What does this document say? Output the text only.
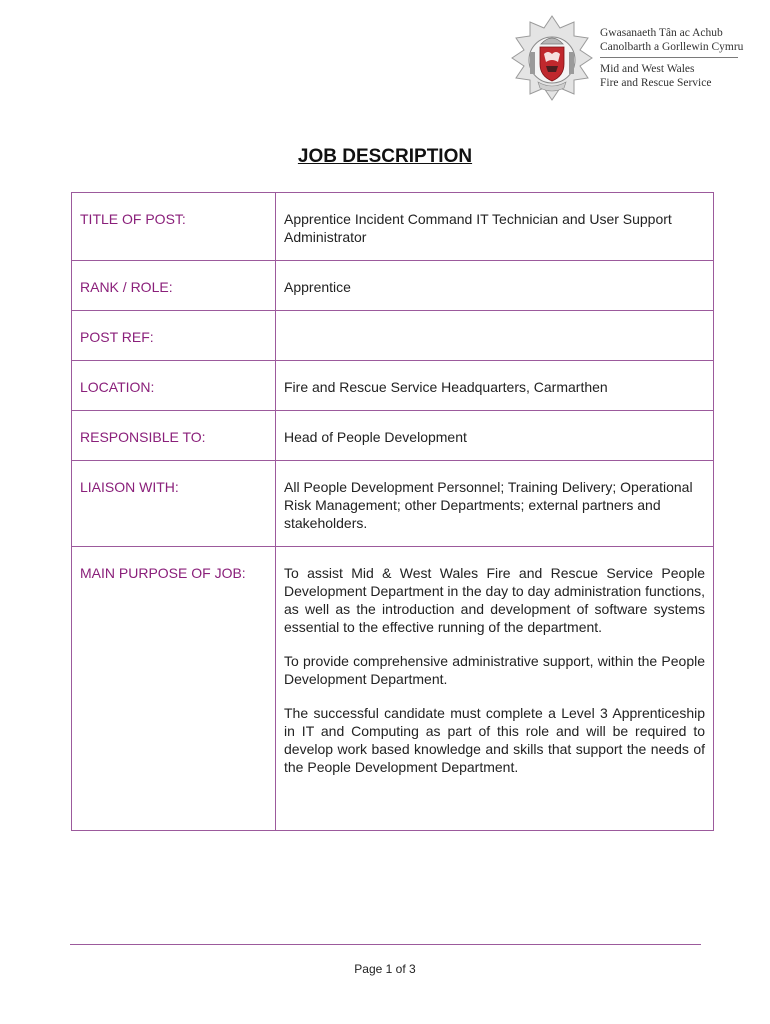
Gwasanaeth Tân ac Achub
Canolbarth a Gorllewin Cymru
Mid and West Wales
Fire and Rescue Service
JOB DESCRIPTION
TITLE OF POST:	Apprentice Incident Command IT Technician and User Support Administrator
RANK / ROLE:	Apprentice
POST REF:	
LOCATION:	Fire and Rescue Service Headquarters, Carmarthen
RESPONSIBLE TO:	Head of People Development
LIAISON WITH:	All People Development Personnel; Training Delivery; Operational Risk Management; other Departments; external partners and stakeholders.
MAIN PURPOSE OF JOB:	To assist Mid & West Wales Fire and Rescue Service People Development Department in the day to day administration functions, as well as the introduction and development of software systems essential to the effective running of the department.

To provide comprehensive administrative support, within the People Development Department.

The successful candidate must complete a Level 3 Apprenticeship in IT and Computing as part of this role and will be required to develop work based knowledge and skills that support the needs of the People Development Department.

Page 1 of 3
